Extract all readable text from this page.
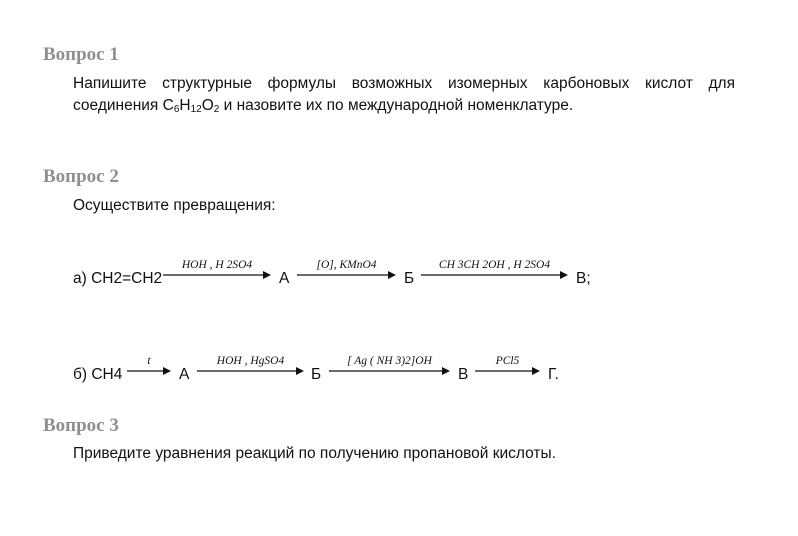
Вопрос 1
Напишите структурные формулы возможных изомерных карбоновых кислот для
соединения $C_6H_{12}O_2$ и назовите их по международной номенклатуре.
Вопрос 2
Осуществите превращения:
а) CH2=CH2
HOH , H 2SO4
А
[O], KMnO4
Б
CH 3CH 2OH , H 2SO4
В;
б) CH4
t
А
HOH , HgSO4
Б
[ Ag ( NH 3)2]OH
В
PCl5
Г.
Вопрос 3
Приведите уравнения реакций по получению пропановой кислоты.
